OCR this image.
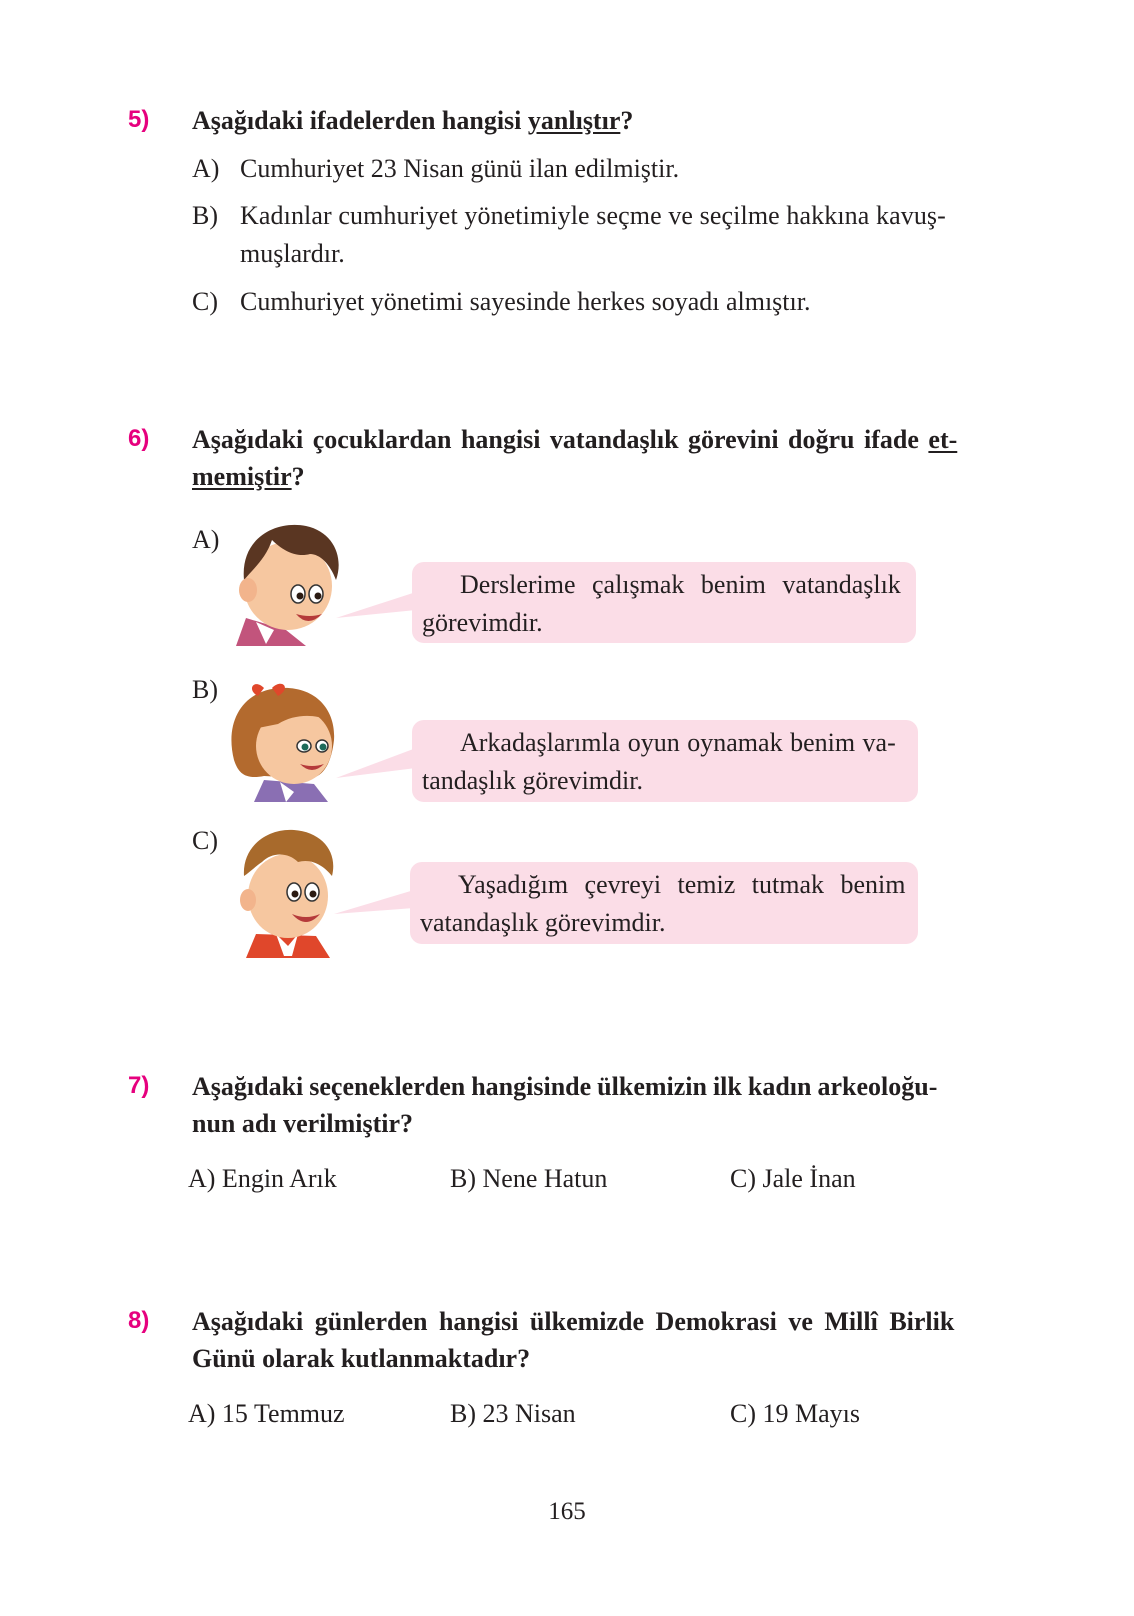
5) Aşağıdaki ifadelerden hangisi yanlıştır?
A) Cumhuriyet 23 Nisan günü ilan edilmiştir.
B) Kadınlar cumhuriyet yönetimiyle seçme ve seçilme hakkına kavuş-
muşlardır.
C) Cumhuriyet yönetimi sayesinde herkes soyadı almıştır.
6) Aşağıdaki çocuklardan hangisi vatandaşlık görevini doğru ifade et-
memiştir?
A)
Derslerime çalışmak benim vatandaşlık
görevimdir.
B)
Arkadaşlarımla oyun oynamak benim va-
tandaşlık görevimdir.
C)
Yaşadığım çevreyi temiz tutmak benim
vatandaşlık görevimdir.
7) Aşağıdaki seçeneklerden hangisinde ülkemizin ilk kadın arkeoloğu-
nun adı verilmiştir?
A) Engin Arık	B) Nene Hatun	C) Jale İnan
8) Aşağıdaki günlerden hangisi ülkemizde Demokrasi ve Millî Birlik
Günü olarak kutlanmaktadır?
A) 15 Temmuz	B) 23 Nisan	C) 19 Mayıs
165
